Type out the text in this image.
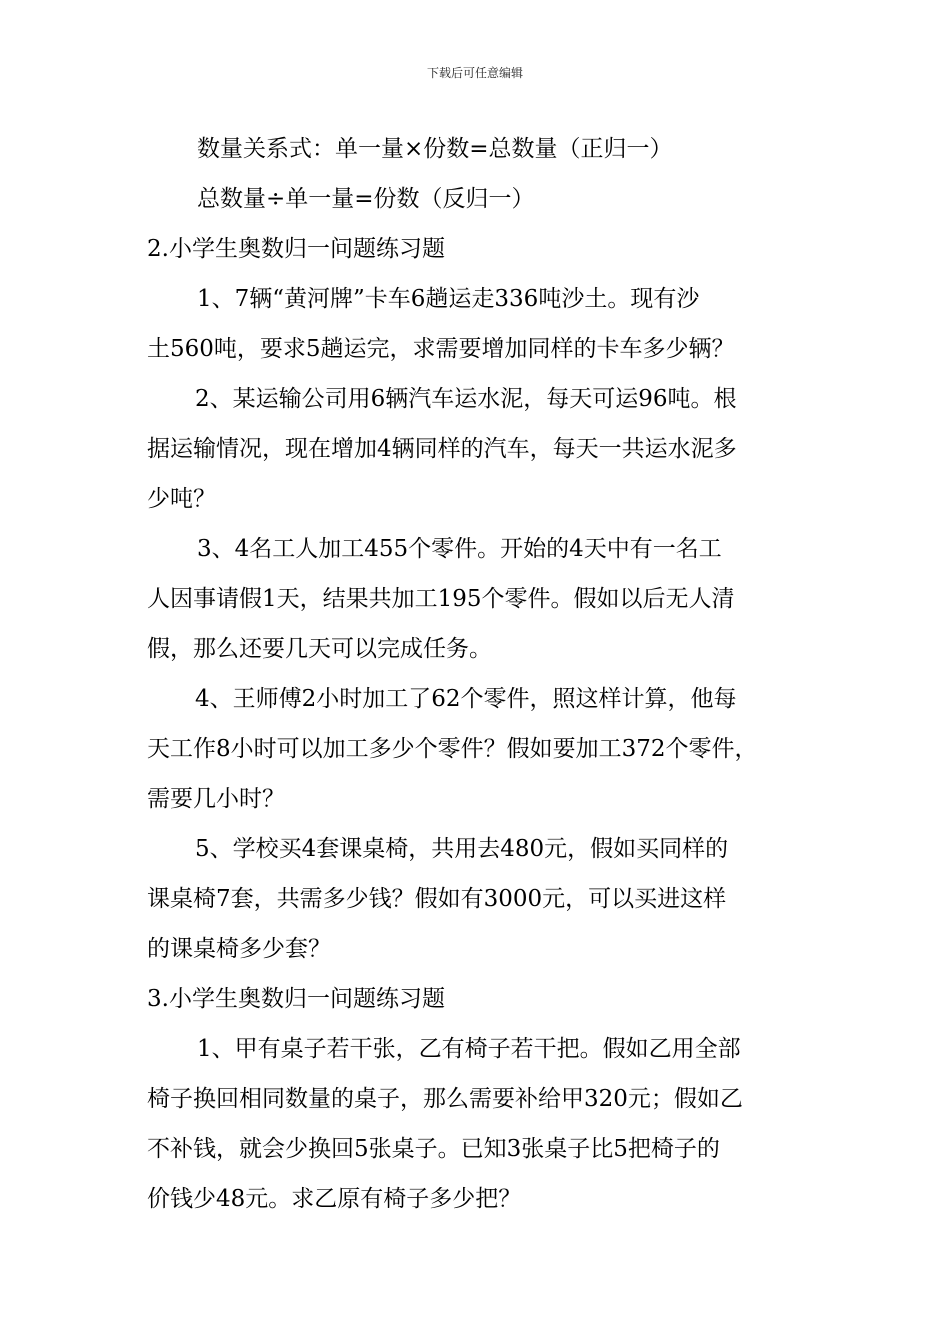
下载后可任意编辑
数量关系式：单一量×份数=总数量（正归一）
总数量÷单一量=份数（反归一）
2.小学生奥数归一问题练习题
1、7辆“黄河牌”卡车6趟运走336吨沙土。现有沙
土560吨，要求5趟运完，求需要增加同样的卡车多少辆？
2、某运输公司用6辆汽车运水泥，每天可运96吨。根
据运输情况，现在增加4辆同样的汽车，每天一共运水泥多
少吨？
3、4名工人加工455个零件。开始的4天中有一名工
人因事请假1天，结果共加工195个零件。假如以后无人清
假，那么还要几天可以完成任务。
4、王师傅2小时加工了62个零件，照这样计算，他每
天工作8小时可以加工多少个零件？假如要加工372个零件，
需要几小时？
5、学校买4套课桌椅，共用去480元，假如买同样的
课桌椅7套，共需多少钱？假如有3000元，可以买进这样
的课桌椅多少套？
3.小学生奥数归一问题练习题
1、甲有桌子若干张，乙有椅子若干把。假如乙用全部
椅子换回相同数量的桌子，那么需要补给甲320元；假如乙
不补钱，就会少换回5张桌子。已知3张桌子比5把椅子的
价钱少48元。求乙原有椅子多少把？
